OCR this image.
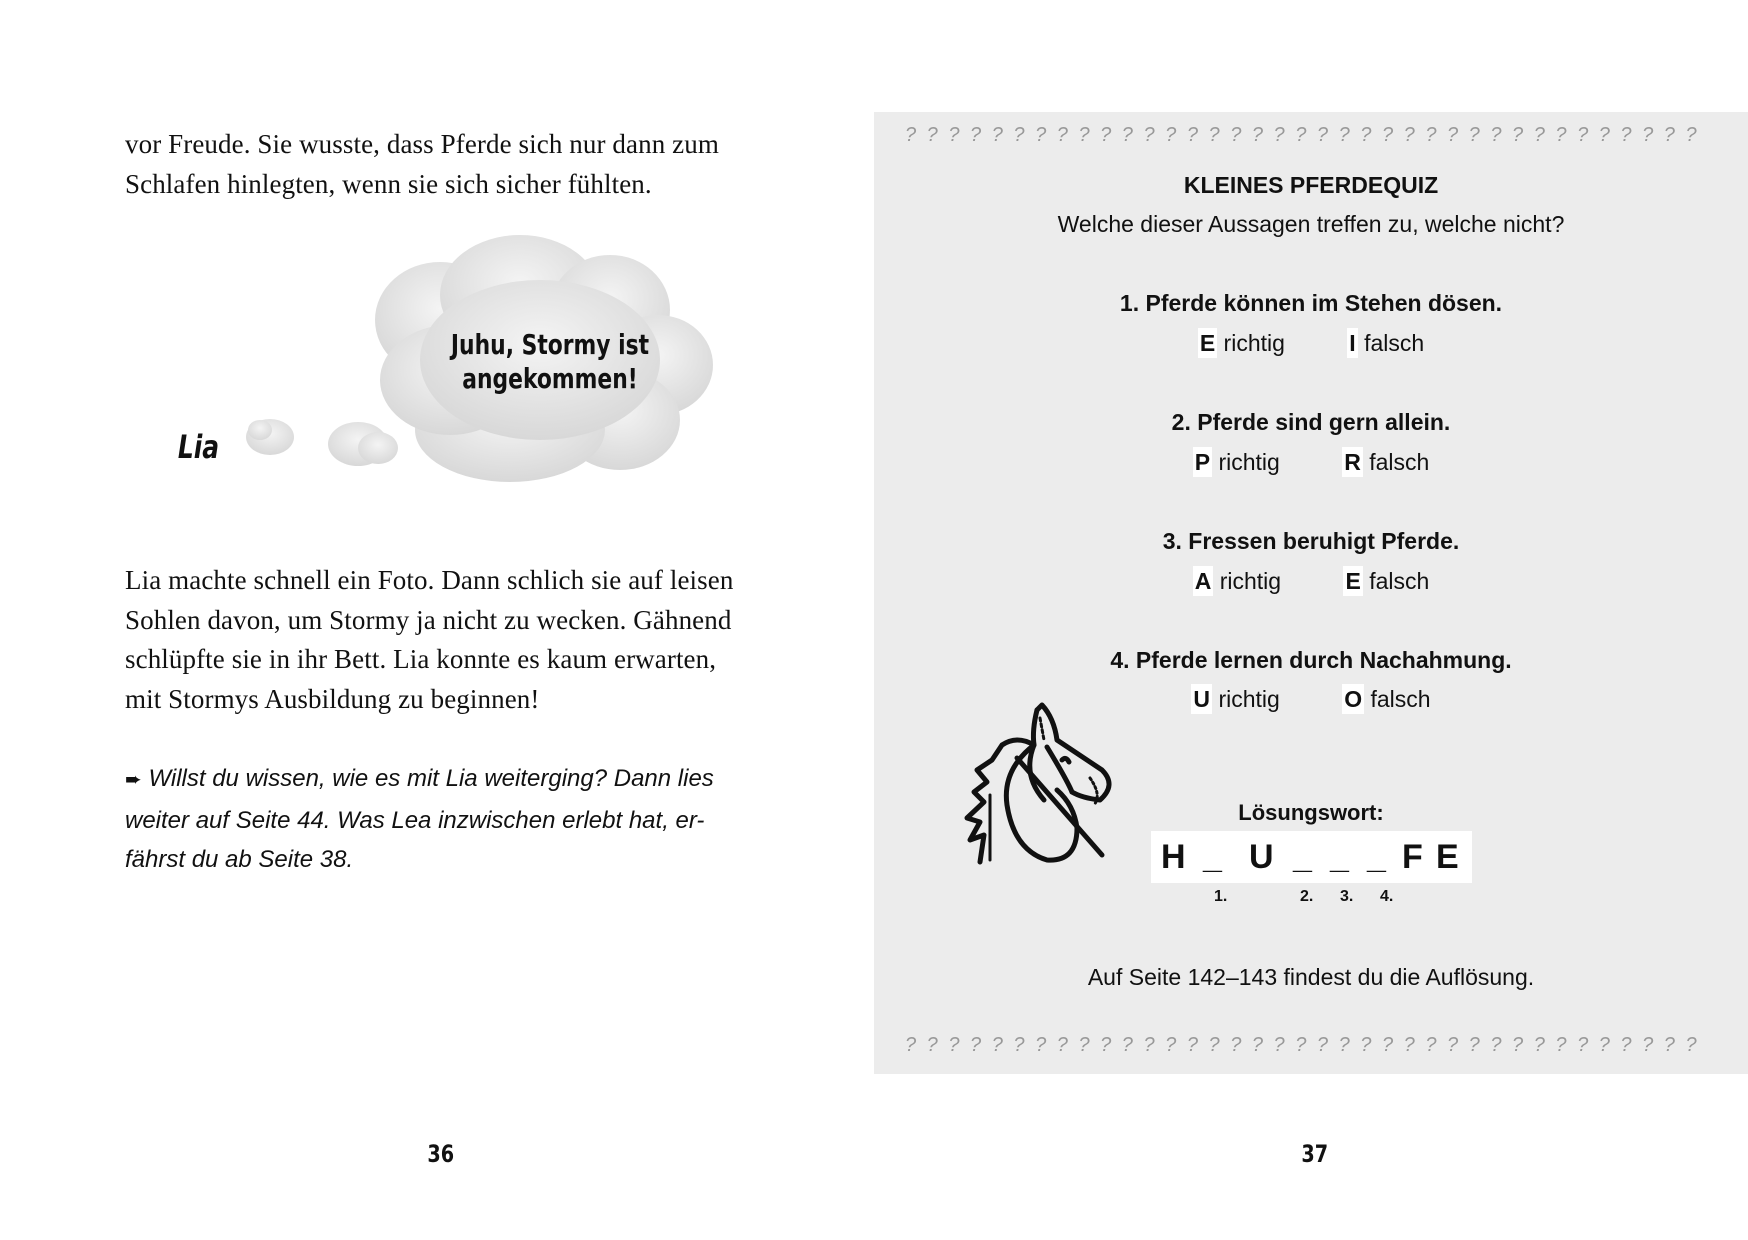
vor Freude. Sie wusste, dass Pferde sich nur dann zum
Schlafen hinlegten, wenn sie sich sicher fühlten.
Juhu, Stormy ist
angekommen!
Lia
Lia machte schnell ein Foto. Dann schlich sie auf leisen
Sohlen davon, um Stormy ja nicht zu wecken. Gähnend
schlüpfte sie in ihr Bett. Lia konnte es kaum erwarten,
mit Stormys Ausbildung zu beginnen!
➨ Willst du wissen, wie es mit Lia weiterging? Dann lies
weiter auf Seite 44. Was Lea inzwischen erlebt hat, er-
fährst du ab Seite 38.
36
? ? ? ? ? ? ? ? ? ? ? ? ? ? ? ? ? ? ? ? ? ? ? ? ? ? ? ? ? ? ? ? ? ? ? ? ?
KLEINES PFERDEQUIZ
Welche dieser Aussagen treffen zu, welche nicht?
1. Pferde können im Stehen dösen.
E richtig	I falsch
2. Pferde sind gern allein.
P richtig	R falsch
3. Fressen beruhigt Pferde.
A richtig	E falsch
4. Pferde lernen durch Nachahmung.
U richtig	O falsch
Lösungswort:
H _ U _ _ _ F E
1.	2. 3. 4.
Auf Seite 142–143 findest du die Auflösung.
? ? ? ? ? ? ? ? ? ? ? ? ? ? ? ? ? ? ? ? ? ? ? ? ? ? ? ? ? ? ? ? ? ? ? ? ?
37
